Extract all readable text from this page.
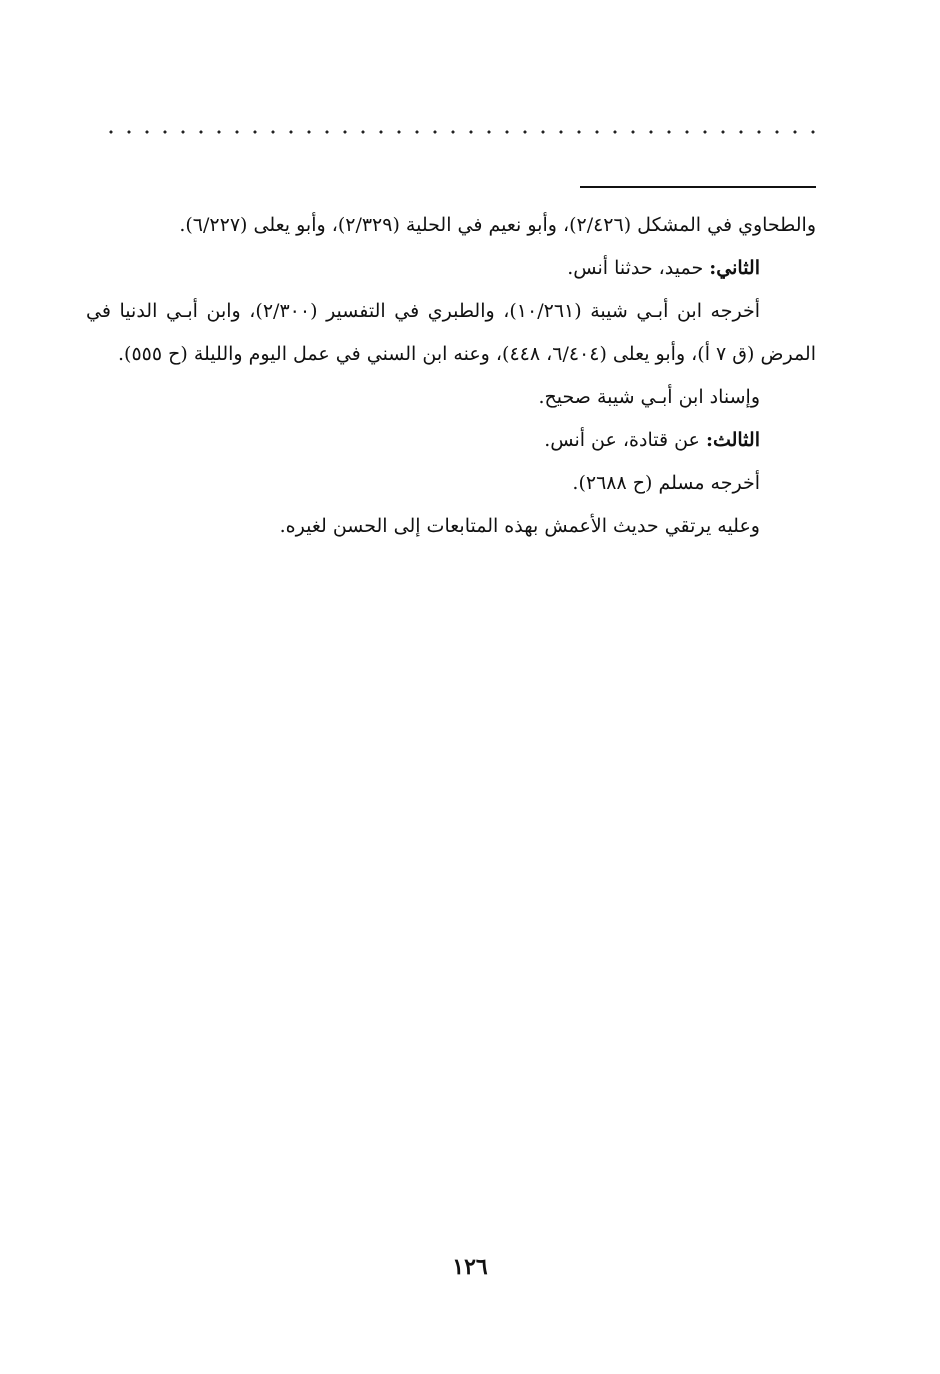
والطحاوي في المشكل (٢/٤٢٦)، وأبو نعيم في الحلية (٢/٣٢٩)، وأبو يعلى (٦/٢٢٧).

الثاني: حميد، حدثنا أنس.

أخرجه ابن أبـي شيبة (١٠/٢٦١)، والطبري في التفسير (٢/٣٠٠)، وابن أبـي الدنيا في المرض (ق ٧ أ)، وأبو يعلى (٦/٤٠٤، ٤٤٨)، وعنه ابن السني في عمل اليوم والليلة (ح ٥٥٥).

وإسناد ابن أبـي شيبة صحيح.

الثالث: عن قتادة، عن أنس.

أخرجه مسلم (ح ٢٦٨٨).

وعليه يرتقي حديث الأعمش بهذه المتابعات إلى الحسن لغيره.

١٢٦
